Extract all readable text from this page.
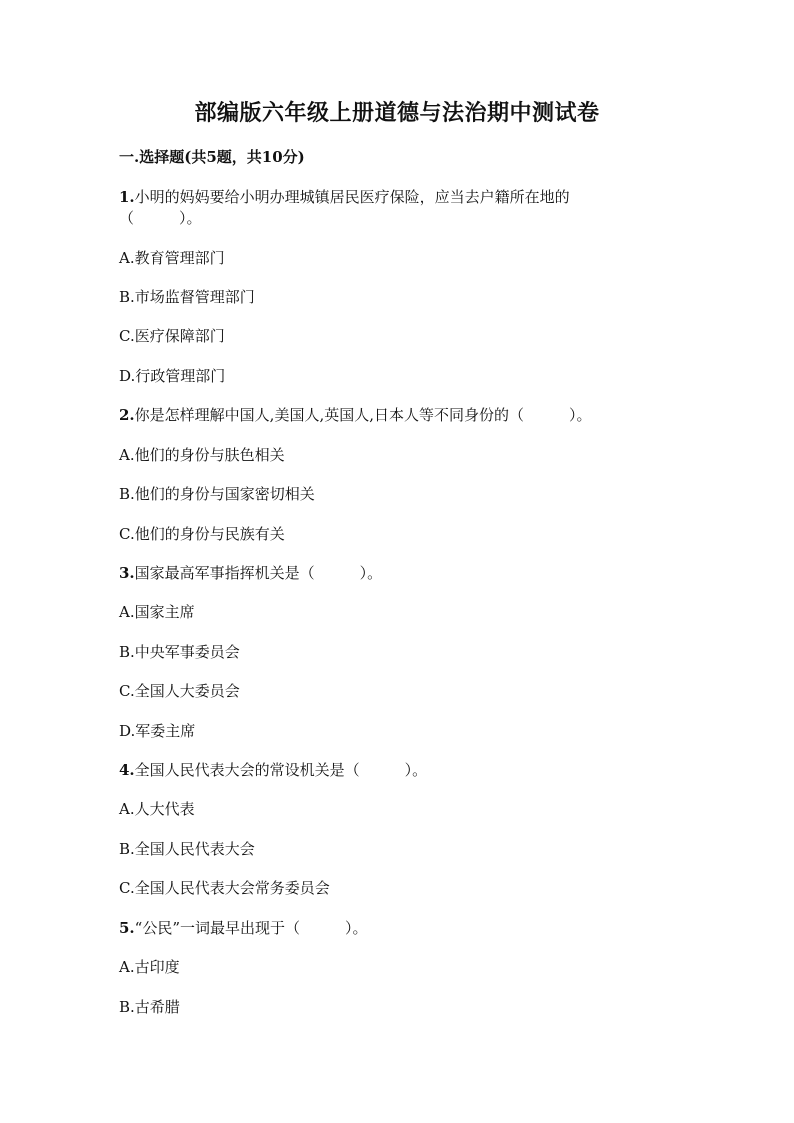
部编版六年级上册道德与法治期中测试卷
一.选择题(共5题，共10分)
1.小明的妈妈要给小明办理城镇居民医疗保险，应当去户籍所在地的
（　　　）。
A.教育管理部门
B.市场监督管理部门
C.医疗保障部门
D.行政管理部门
2.你是怎样理解中国人,美国人,英国人,日本人等不同身份的（　　　）。
A.他们的身份与肤色相关
B.他们的身份与国家密切相关
C.他们的身份与民族有关
3.国家最高军事指挥机关是（　　　）。
A.国家主席
B.中央军事委员会
C.全国人大委员会
D.军委主席
4.全国人民代表大会的常设机关是（　　　）。
A.人大代表
B.全国人民代表大会
C.全国人民代表大会常务委员会
5.“公民”一词最早出现于（　　　）。
A.古印度
B.古希腊
